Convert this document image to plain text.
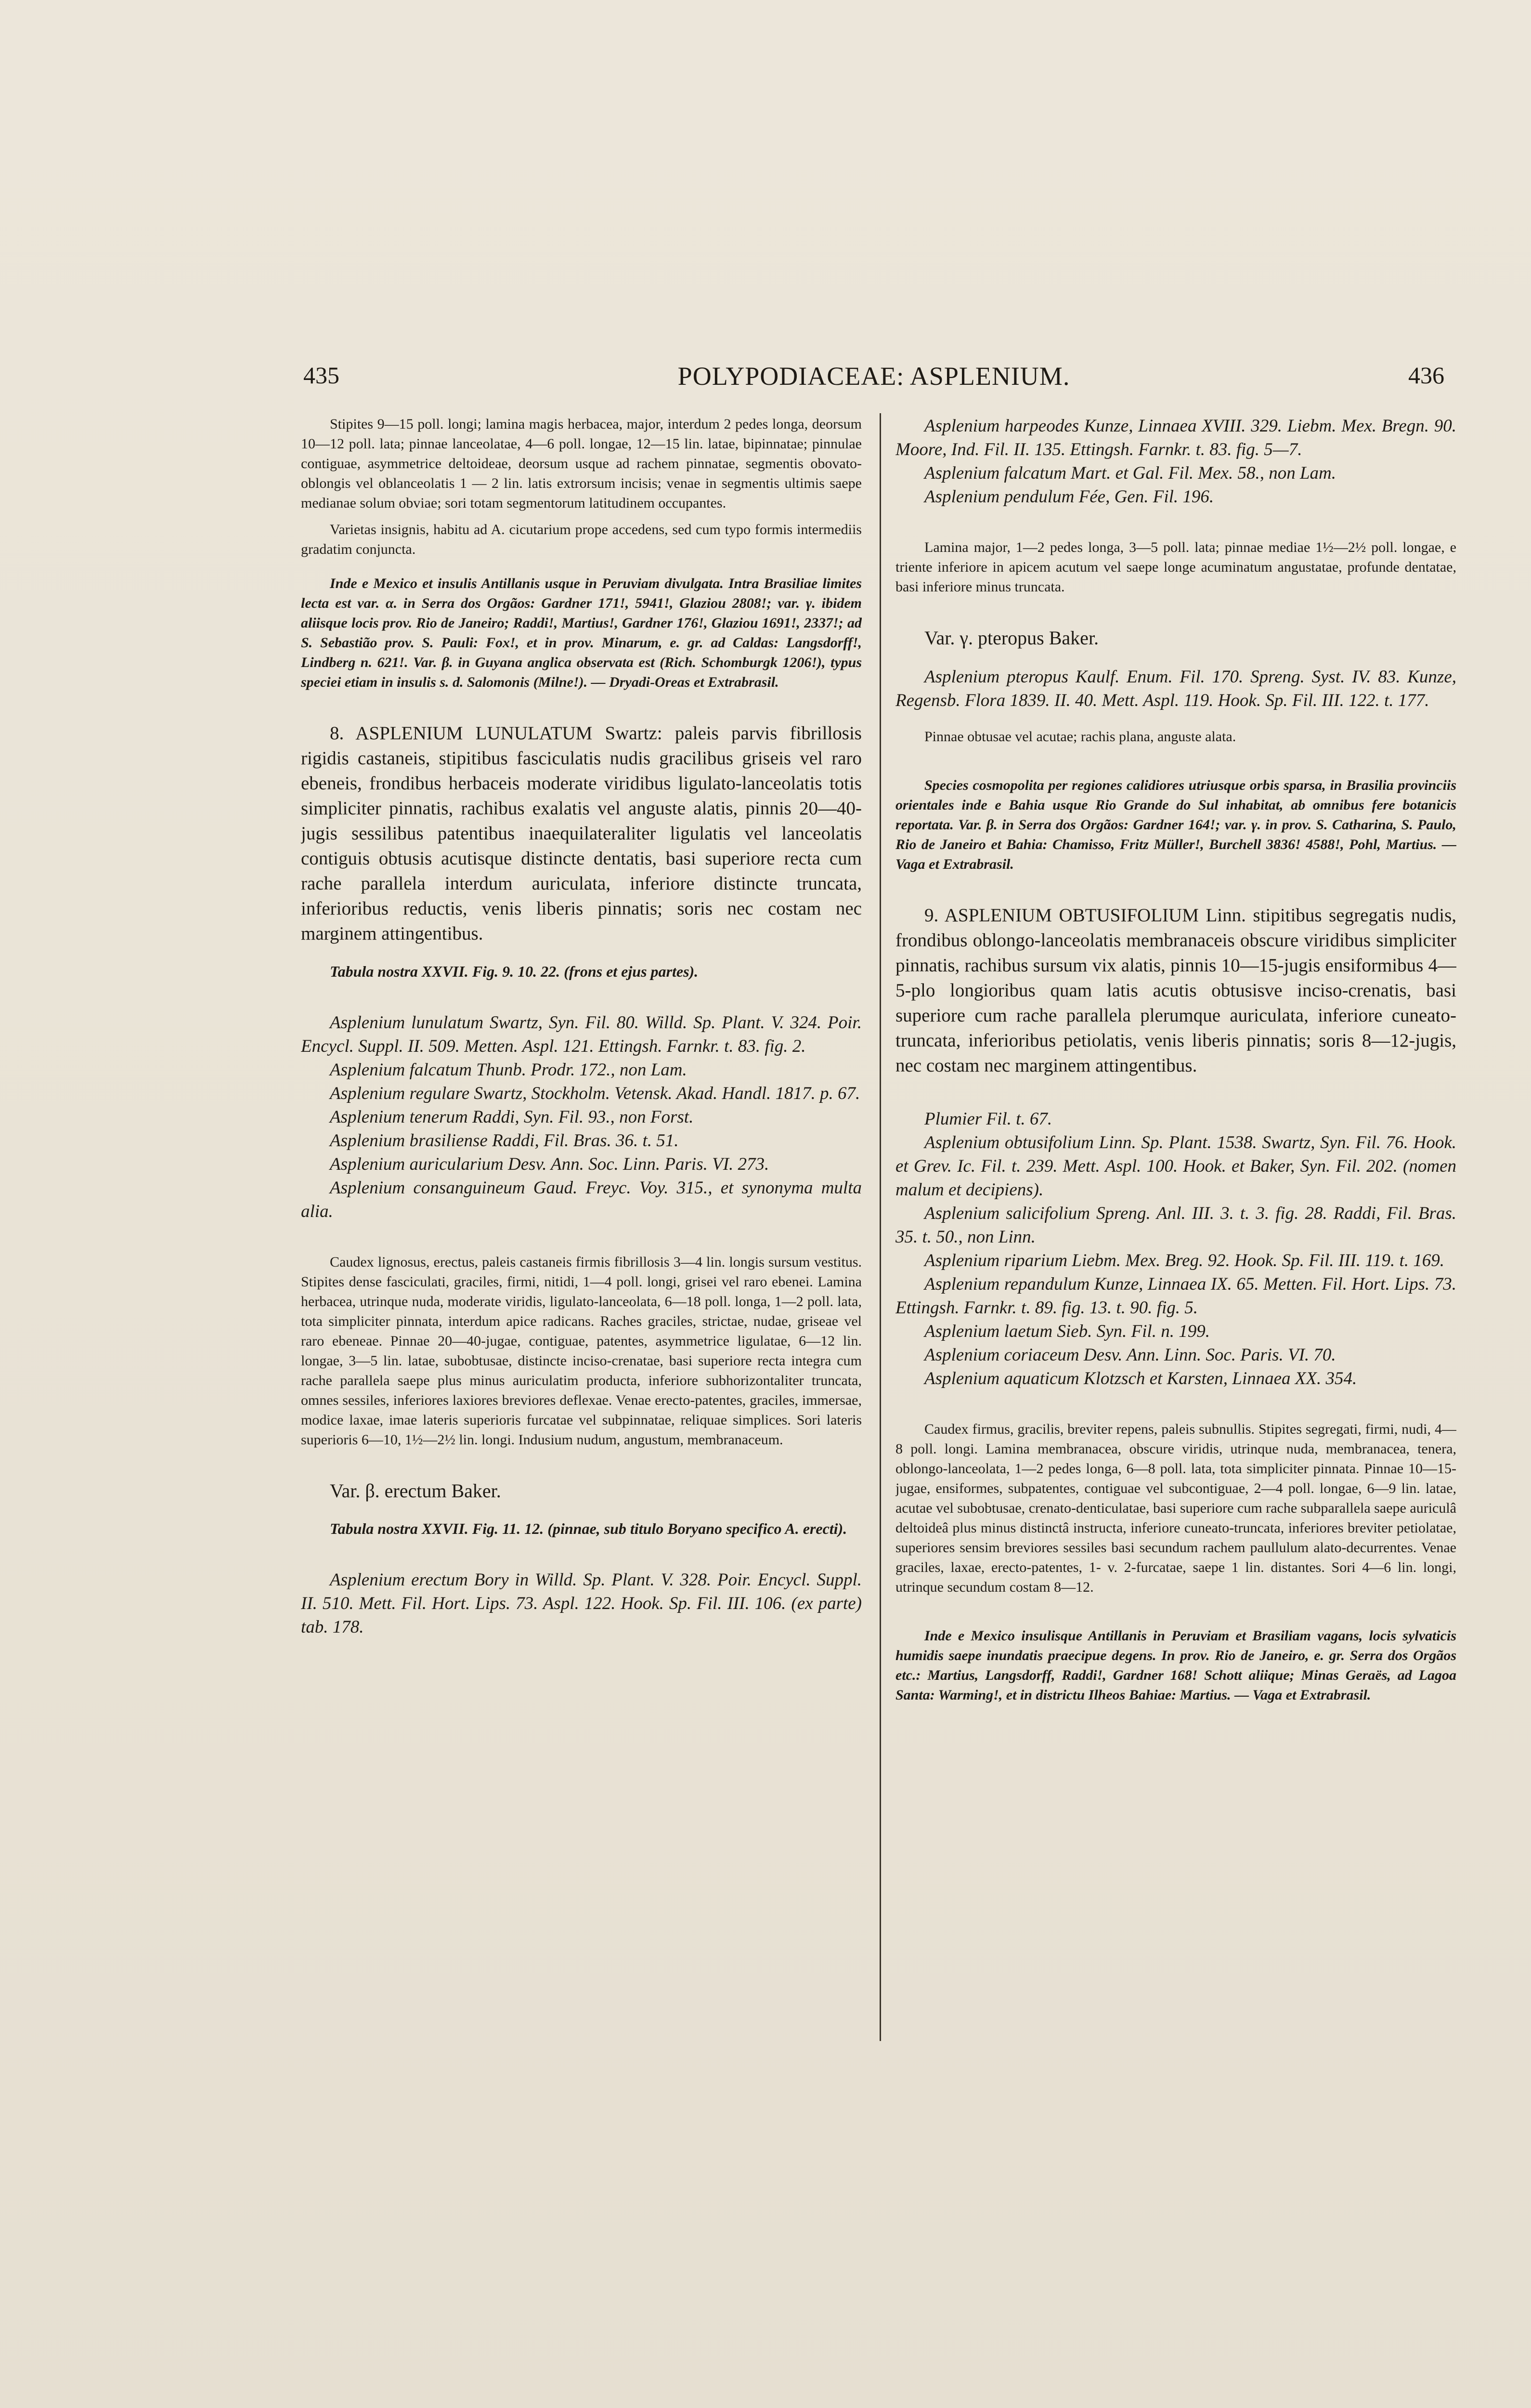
435	POLYPODIACEAE: ASPLENIUM.	436

Stipites 9—15 poll. longi; lamina magis herbacea, major, interdum 2 pedes longa, deorsum 10—12 poll. lata; pinnae lanceolatae, 4—6 poll. longae, 12—15 lin. latae, bipinnatae; pinnulae contiguae, asymmetrice deltoideae, deorsum usque ad rachem pinnatae, segmentis obovato-oblongis vel oblanceolatis 1 — 2 lin. latis extrorsum incisis; venae in segmentis ultimis saepe medianae solum obviae; sori totam segmentorum latitudinem occupantes.

Varietas insignis, habitu ad A. cicutarium prope accedens, sed cum typo formis intermediis gradatim conjuncta.

Inde e Mexico et insulis Antillanis usque in Peruviam divulgata. Intra Brasiliae limites lecta est var. α. in Serra dos Orgãos: Gardner 171!, 5941!, Glaziou 2808!; var. γ. ibidem aliisque locis prov. Rio de Janeiro; Raddi!, Martius!, Gardner 176!, Glaziou 1691!, 2337!; ad S. Sebastião prov. S. Pauli: Fox!, et in prov. Minarum, e. gr. ad Caldas: Langsdorff!, Lindberg n. 621!. Var. β. in Guyana anglica observata est (Rich. Schomburgk 1206!), typus speciei etiam in insulis s. d. Salomonis (Milne!). — Dryadi-Oreas et Extrabrasil.

8. ASPLENIUM LUNULATUM Swartz: paleis parvis fibrillosis rigidis castaneis, stipitibus fasciculatis nudis gracilibus griseis vel raro ebeneis, frondibus herbaceis moderate viridibus ligulato-lanceolatis totis simpliciter pinnatis, rachibus exalatis vel anguste alatis, pinnis 20—40-jugis sessilibus patentibus inaequilateraliter ligulatis vel lanceolatis contiguis obtusis acutisque distincte dentatis, basi superiore recta cum rache parallela interdum auriculata, inferiore distincte truncata, inferioribus reductis, venis liberis pinnatis; soris nec costam nec marginem attingentibus.

Tabula nostra XXVII. Fig. 9. 10. 22. (frons et ejus partes).

Asplenium lunulatum Swartz, Syn. Fil. 80. Willd. Sp. Plant. V. 324. Poir. Encycl. Suppl. II. 509. Metten. Aspl. 121. Ettingsh. Farnkr. t. 83. fig. 2.

Asplenium falcatum Thunb. Prodr. 172., non Lam.

Asplenium regulare Swartz, Stockholm. Vetensk. Akad. Handl. 1817. p. 67.

Asplenium tenerum Raddi, Syn. Fil. 93., non Forst.

Asplenium brasiliense Raddi, Fil. Bras. 36. t. 51.

Asplenium auricularium Desv. Ann. Soc. Linn. Paris. VI. 273.

Asplenium consanguineum Gaud. Freyc. Voy. 315., et synonyma multa alia.

Caudex lignosus, erectus, paleis castaneis firmis fibrillosis 3—4 lin. longis sursum vestitus. Stipites dense fasciculati, graciles, firmi, nitidi, 1—4 poll. longi, grisei vel raro ebenei. Lamina herbacea, utrinque nuda, moderate viridis, ligulato-lanceolata, 6—18 poll. longa, 1—2 poll. lata, tota simpliciter pinnata, interdum apice radicans. Raches graciles, strictae, nudae, griseae vel raro ebeneae. Pinnae 20—40-jugae, contiguae, patentes, asymmetrice ligulatae, 6—12 lin. longae, 3—5 lin. latae, subobtusae, distincte inciso-crenatae, basi superiore recta integra cum rache parallela saepe plus minus auriculatim producta, inferiore subhorizontaliter truncata, omnes sessiles, inferiores laxiores breviores deflexae. Venae erecto-patentes, graciles, immersae, modice laxae, imae lateris superioris furcatae vel subpinnatae, reliquae simplices. Sori lateris superioris 6—10, 1½—2½ lin. longi. Indusium nudum, angustum, membranaceum.

Var. β. erectum Baker.

Tabula nostra XXVII. Fig. 11. 12. (pinnae, sub titulo Boryano specifico A. erecti).

Asplenium erectum Bory in Willd. Sp. Plant. V. 328. Poir. Encycl. Suppl. II. 510. Mett. Fil. Hort. Lips. 73. Aspl. 122. Hook. Sp. Fil. III. 106. (ex parte) tab. 178.

Asplenium harpeodes Kunze, Linnaea XVIII. 329. Liebm. Mex. Bregn. 90. Moore, Ind. Fil. II. 135. Ettingsh. Farnkr. t. 83. fig. 5—7.

Asplenium falcatum Mart. et Gal. Fil. Mex. 58., non Lam.

Asplenium pendulum Fée, Gen. Fil. 196.

Lamina major, 1—2 pedes longa, 3—5 poll. lata; pinnae mediae 1½—2½ poll. longae, e triente inferiore in apicem acutum vel saepe longe acuminatum angustatae, profunde dentatae, basi inferiore minus truncata.

Var. γ. pteropus Baker.

Asplenium pteropus Kaulf. Enum. Fil. 170. Spreng. Syst. IV. 83. Kunze, Regensb. Flora 1839. II. 40. Mett. Aspl. 119. Hook. Sp. Fil. III. 122. t. 177.

Pinnae obtusae vel acutae; rachis plana, anguste alata.

Species cosmopolita per regiones calidiores utriusque orbis sparsa, in Brasilia provinciis orientales inde e Bahia usque Rio Grande do Sul inhabitat, ab omnibus fere botanicis reportata. Var. β. in Serra dos Orgãos: Gardner 164!; var. γ. in prov. S. Catharina, S. Paulo, Rio de Janeiro et Bahia: Chamisso, Fritz Müller!, Burchell 3836! 4588!, Pohl, Martius. — Vaga et Extrabrasil.

9. ASPLENIUM OBTUSIFOLIUM Linn. stipitibus segregatis nudis, frondibus oblongo-lanceolatis membranaceis obscure viridibus simpliciter pinnatis, rachibus sursum vix alatis, pinnis 10—15-jugis ensiformibus 4—5-plo longioribus quam latis acutis obtusisve inciso-crenatis, basi superiore cum rache parallela plerumque auriculata, inferiore cuneato-truncata, inferioribus petiolatis, venis liberis pinnatis; soris 8—12-jugis, nec costam nec marginem attingentibus.

Plumier Fil. t. 67.

Asplenium obtusifolium Linn. Sp. Plant. 1538. Swartz, Syn. Fil. 76. Hook. et Grev. Ic. Fil. t. 239. Mett. Aspl. 100. Hook. et Baker, Syn. Fil. 202. (nomen malum et decipiens).

Asplenium salicifolium Spreng. Anl. III. 3. t. 3. fig. 28. Raddi, Fil. Bras. 35. t. 50., non Linn.

Asplenium riparium Liebm. Mex. Breg. 92. Hook. Sp. Fil. III. 119. t. 169.

Asplenium repandulum Kunze, Linnaea IX. 65. Metten. Fil. Hort. Lips. 73. Ettingsh. Farnkr. t. 89. fig. 13. t. 90. fig. 5.

Asplenium laetum Sieb. Syn. Fil. n. 199.

Asplenium coriaceum Desv. Ann. Linn. Soc. Paris. VI. 70.

Asplenium aquaticum Klotzsch et Karsten, Linnaea XX. 354.

Caudex firmus, gracilis, breviter repens, paleis subnullis. Stipites segregati, firmi, nudi, 4—8 poll. longi. Lamina membranacea, obscure viridis, utrinque nuda, membranacea, tenera, oblongo-lanceolata, 1—2 pedes longa, 6—8 poll. lata, tota simpliciter pinnata. Pinnae 10—15-jugae, ensiformes, subpatentes, contiguae vel subcontiguae, 2—4 poll. longae, 6—9 lin. latae, acutae vel subobtusae, crenato-denticulatae, basi superiore cum rache subparallela saepe auriculâ deltoideâ plus minus distinctâ instructa, inferiore cuneato-truncata, inferiores breviter petiolatae, superiores sensim breviores sessiles basi secundum rachem paullulum alato-decurrentes. Venae graciles, laxae, erecto-patentes, 1- v. 2-furcatae, saepe 1 lin. distantes. Sori 4—6 lin. longi, utrinque secundum costam 8—12.

Inde e Mexico insulisque Antillanis in Peruviam et Brasiliam vagans, locis sylvaticis humidis saepe inundatis praecipue degens. In prov. Rio de Janeiro, e. gr. Serra dos Orgãos etc.: Martius, Langsdorff, Raddi!, Gardner 168! Schott aliique; Minas Geraës, ad Lagoa Santa: Warming!, et in districtu Ilheos Bahiae: Martius. — Vaga et Extrabrasil.
